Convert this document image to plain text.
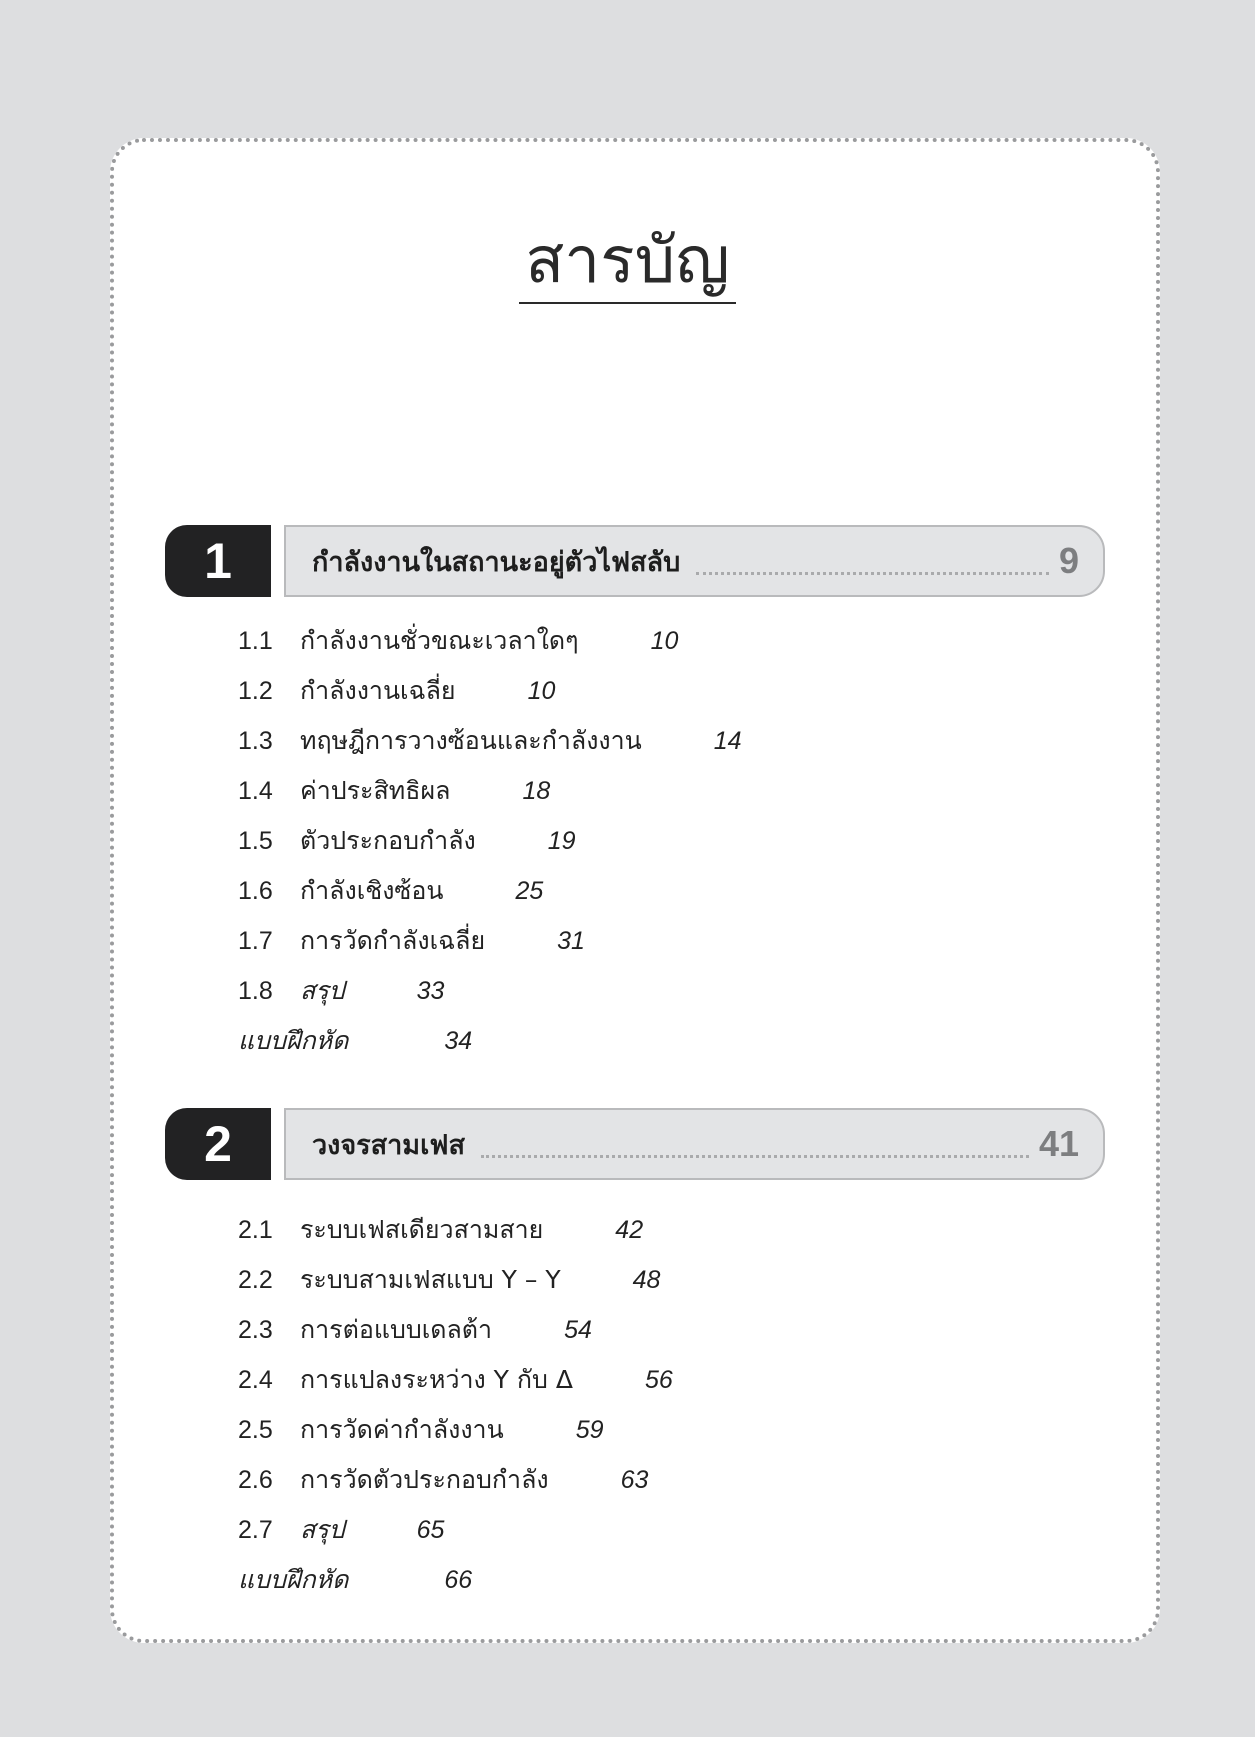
สารบัญ
1	กำลังงานในสถานะอยู่ตัวไฟสลับ	9
1.1 กำลังงานชั่วขณะเวลาใดๆ	10
1.2 กำลังงานเฉลี่ย	10
1.3 ทฤษฎีการวางซ้อนและกำลังงาน	14
1.4 ค่าประสิทธิผล	18
1.5 ตัวประกอบกำลัง	19
1.6 กำลังเชิงซ้อน	25
1.7 การวัดกำลังเฉลี่ย	31
1.8 สรุป	33
แบบฝึกหัด	34
2	วงจรสามเฟส	41
2.1 ระบบเฟสเดียวสามสาย	42
2.2 ระบบสามเฟสแบบ Y – Y	48
2.3 การต่อแบบเดลต้า	54
2.4 การแปลงระหว่าง Y กับ Δ	56
2.5 การวัดค่ากำลังงาน	59
2.6 การวัดตัวประกอบกำลัง	63
2.7 สรุป	65
แบบฝึกหัด	66
